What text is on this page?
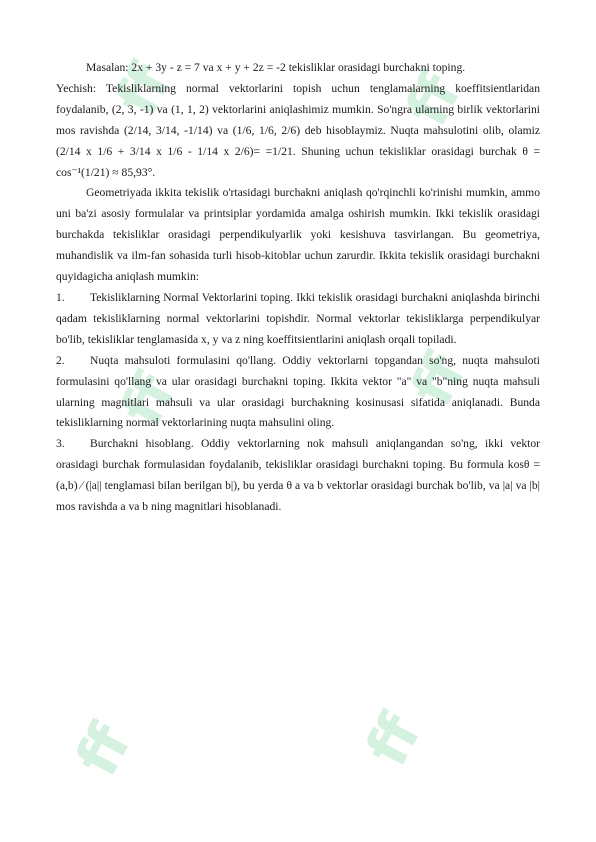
ff	ff
ff	ff
ff	ff

Masalan: 2x + 3y - z = 7 va x + y + 2z = -2 tekisliklar orasidagi burchakni toping.

Yechish: Tekisliklarning normal vektorlarini topish uchun tenglamalarning koeffitsientlaridan foydalanib, (2, 3, -1) va (1, 1, 2) vektorlarini aniqlashimiz mumkin. So'ngra ularning birlik vektorlarini mos ravishda (2/14, 3/14, -1/14) va (1/6, 1/6, 2/6) deb hisoblaymiz. Nuqta mahsulotini olib, olamiz (2/14 x 1/6 + 3/14 x 1/6 - 1/14 x 2/6)= =1/21. Shuning uchun tekisliklar orasidagi burchak θ = cos⁻¹(1/21) ≈ 85,93°.

Geometriyada ikkita tekislik o'rtasidagi burchakni aniqlash qo'rqinchli ko'rinishi mumkin, ammo uni ba'zi asosiy formulalar va printsiplar yordamida amalga oshirish mumkin. Ikki tekislik orasidagi burchakda tekisliklar orasidagi perpendikulyarlik yoki kesishuva tasvirlangan. Bu geometriya, muhandislik va ilm-fan sohasida turli hisob-kitoblar uchun zarurdir. Ikkita tekislik orasidagi burchakni quyidagicha aniqlash mumkin:

1. Tekisliklarning Normal Vektorlarini toping. Ikki tekislik orasidagi burchakni aniqlashda birinchi qadam tekisliklarning normal vektorlarini topishdir. Normal vektorlar tekisliklarga perpendikulyar bo'lib, tekisliklar tenglamasida x, y va z ning koeffitsientlarini aniqlash orqali topiladi.

2. Nuqta mahsuloti formulasini qo'llang. Oddiy vektorlarni topgandan so'ng, nuqta mahsuloti formulasini qo'llang va ular orasidagi burchakni toping. Ikkita vektor "a" va "b"ning nuqta mahsuli ularning magnitlari mahsuli va ular orasidagi burchakning kosinusasi sifatida aniqlanadi. Bunda tekisliklarning normal vektorlarining nuqta mahsulini oling.

3. Burchakni hisoblang. Oddiy vektorlarning nok mahsuli aniqlangandan so'ng, ikki vektor orasidagi burchak formulasidan foydalanib, tekisliklar orasidagi burchakni toping. Bu formula kosθ = (a,b) ⁄ (|a|| tenglamasi bilan berilgan b|), bu yerda θ a va b vektorlar orasidagi burchak bo'lib, va |a| va |b| mos ravishda a va b ning magnitlari hisoblanadi.
